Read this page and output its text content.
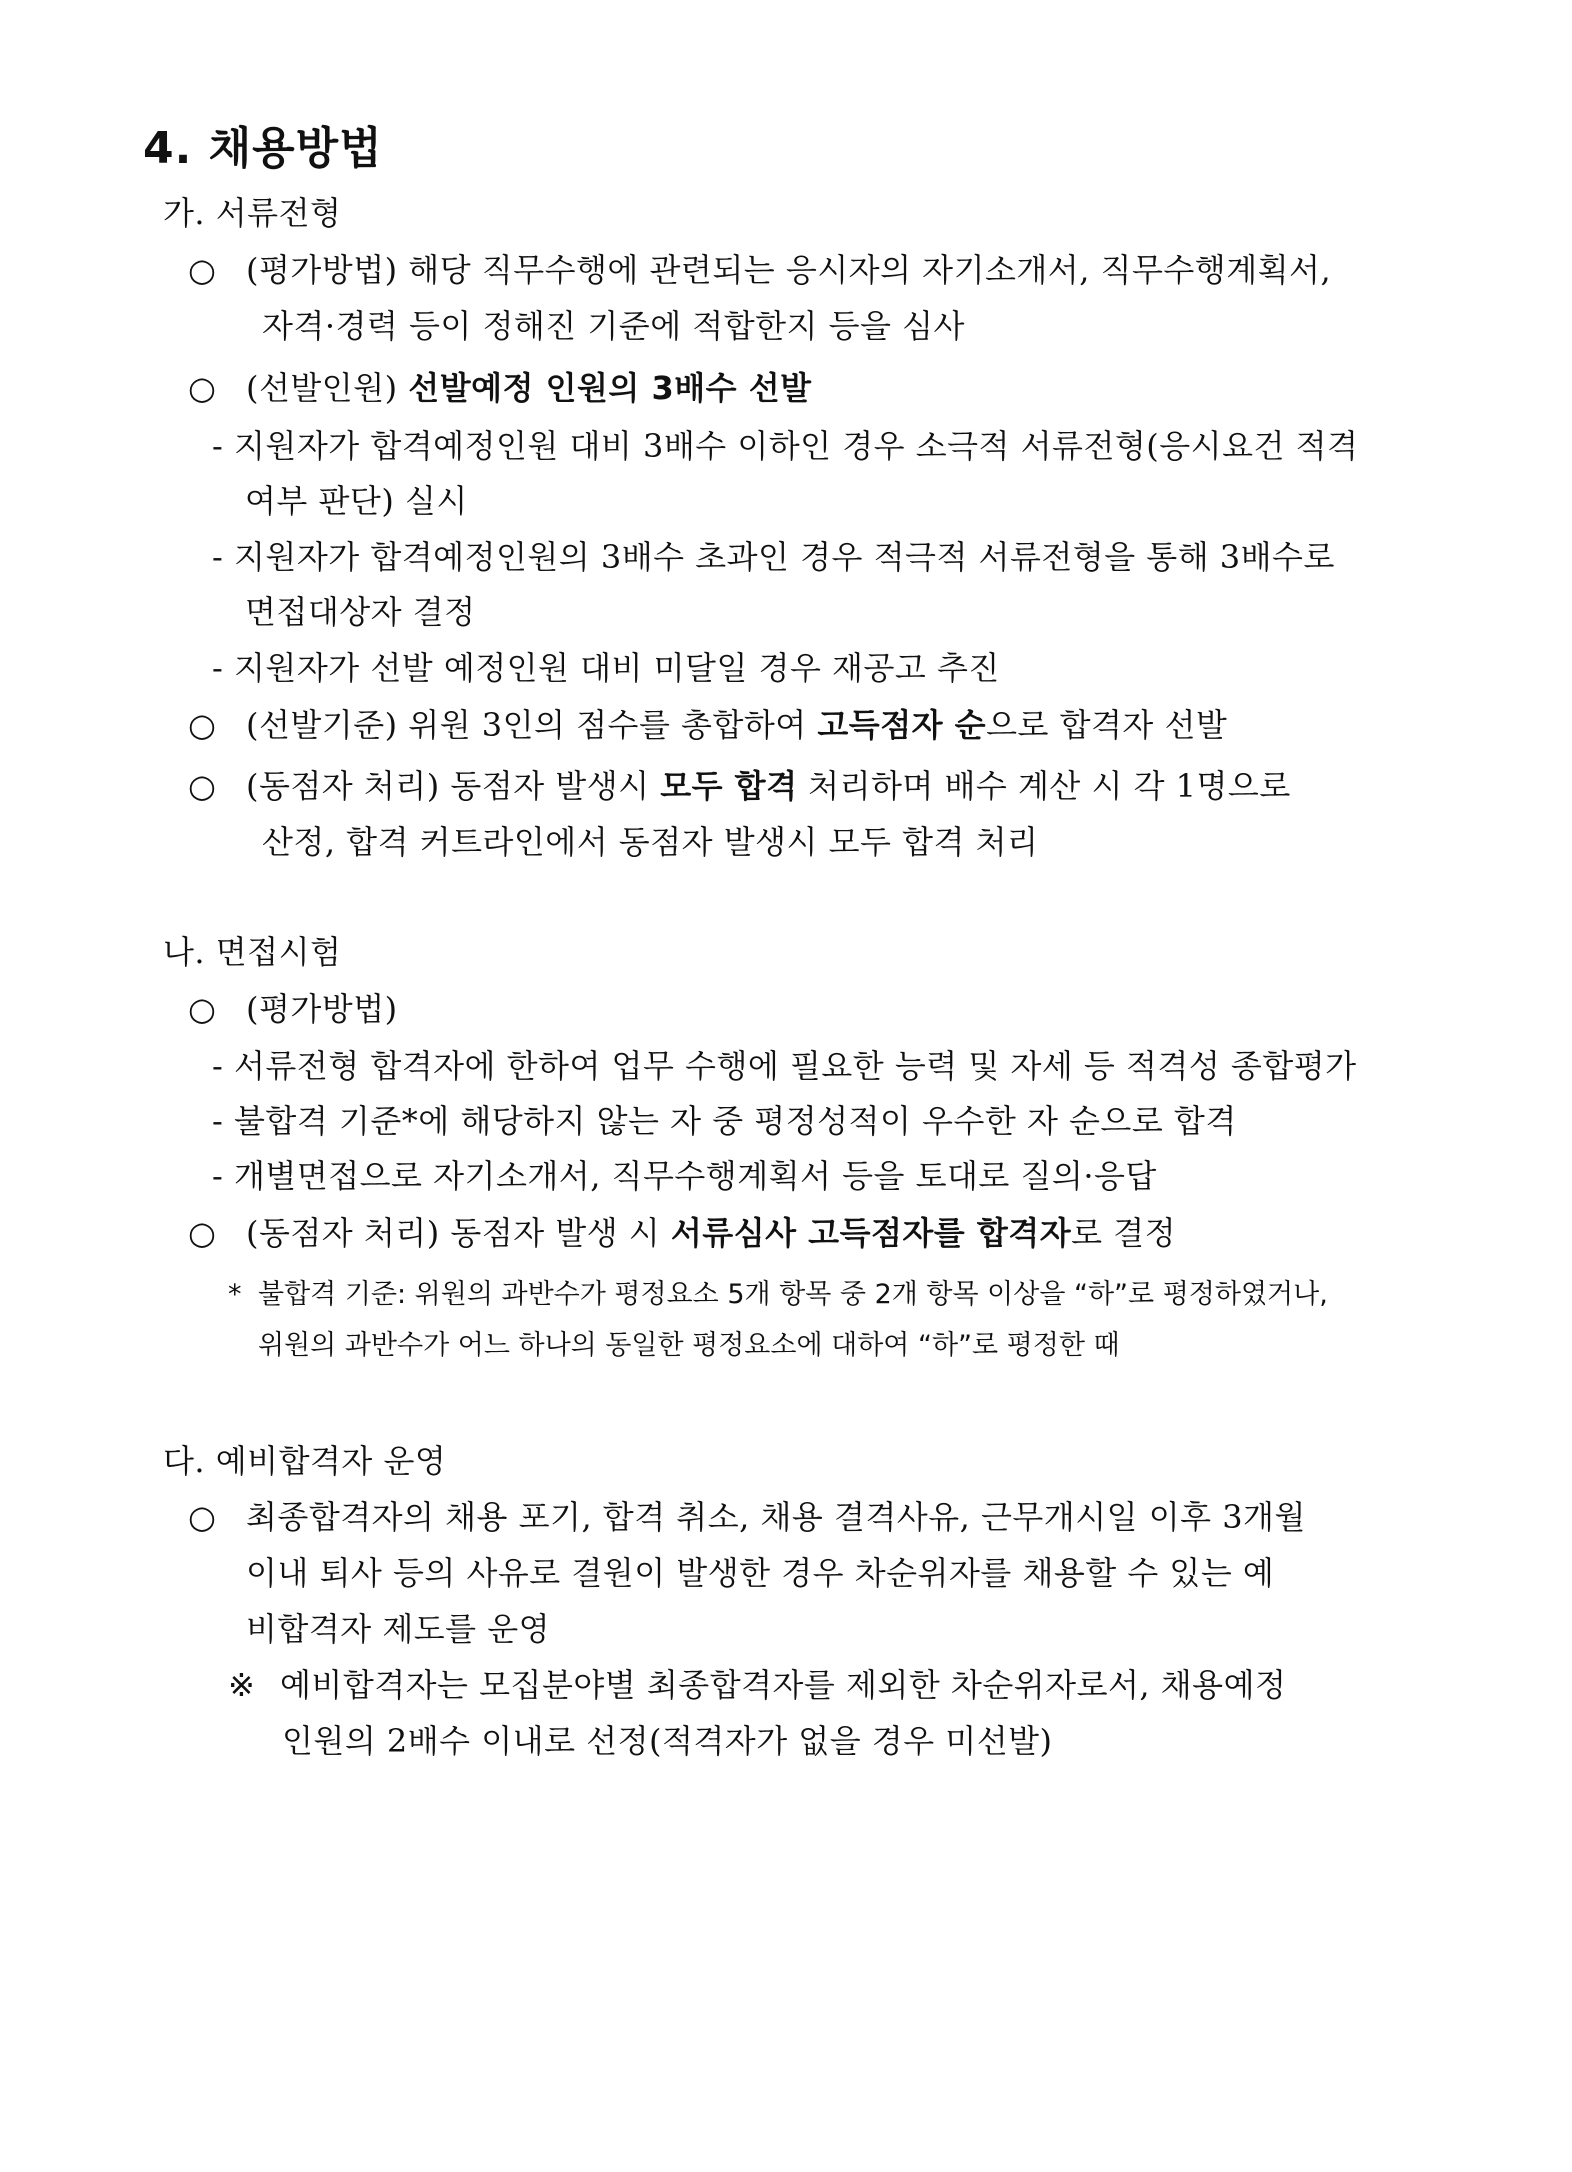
4. 채용방법
가. 서류전형
○ (평가방법) 해당 직무수행에 관련되는 응시자의 자기소개서, 직무수행계획서,
자격·경력 등이 정해진 기준에 적합한지 등을 심사
○ (선발인원) 선발예정 인원의 3배수 선발
- 지원자가 합격예정인원 대비 3배수 이하인 경우 소극적 서류전형(응시요건 적격
여부 판단) 실시
- 지원자가 합격예정인원의 3배수 초과인 경우 적극적 서류전형을 통해 3배수로
면접대상자 결정
- 지원자가 선발 예정인원 대비 미달일 경우 재공고 추진
○ (선발기준) 위원 3인의 점수를 총합하여 고득점자 순으로 합격자 선발
○ (동점자 처리) 동점자 발생시 모두 합격 처리하며 배수 계산 시 각 1명으로
산정, 합격 커트라인에서 동점자 발생시 모두 합격 처리
나. 면접시험
○ (평가방법)
- 서류전형 합격자에 한하여 업무 수행에 필요한 능력 및 자세 등 적격성 종합평가
- 불합격 기준*에 해당하지 않는 자 중 평정성적이 우수한 자 순으로 합격
- 개별면접으로 자기소개서, 직무수행계획서 등을 토대로 질의·응답
○ (동점자 처리) 동점자 발생 시 서류심사 고득점자를 합격자로 결정
* 불합격 기준: 위원의 과반수가 평정요소 5개 항목 중 2개 항목 이상을 “하”로 평정하였거나,
위원의 과반수가 어느 하나의 동일한 평정요소에 대하여 “하”로 평정한 때
다. 예비합격자 운영
○ 최종합격자의 채용 포기, 합격 취소, 채용 결격사유, 근무개시일 이후 3개월
이내 퇴사 등의 사유로 결원이 발생한 경우 차순위자를 채용할 수 있는 예
비합격자 제도를 운영
※ 예비합격자는 모집분야별 최종합격자를 제외한 차순위자로서, 채용예정
인원의 2배수 이내로 선정(적격자가 없을 경우 미선발)
